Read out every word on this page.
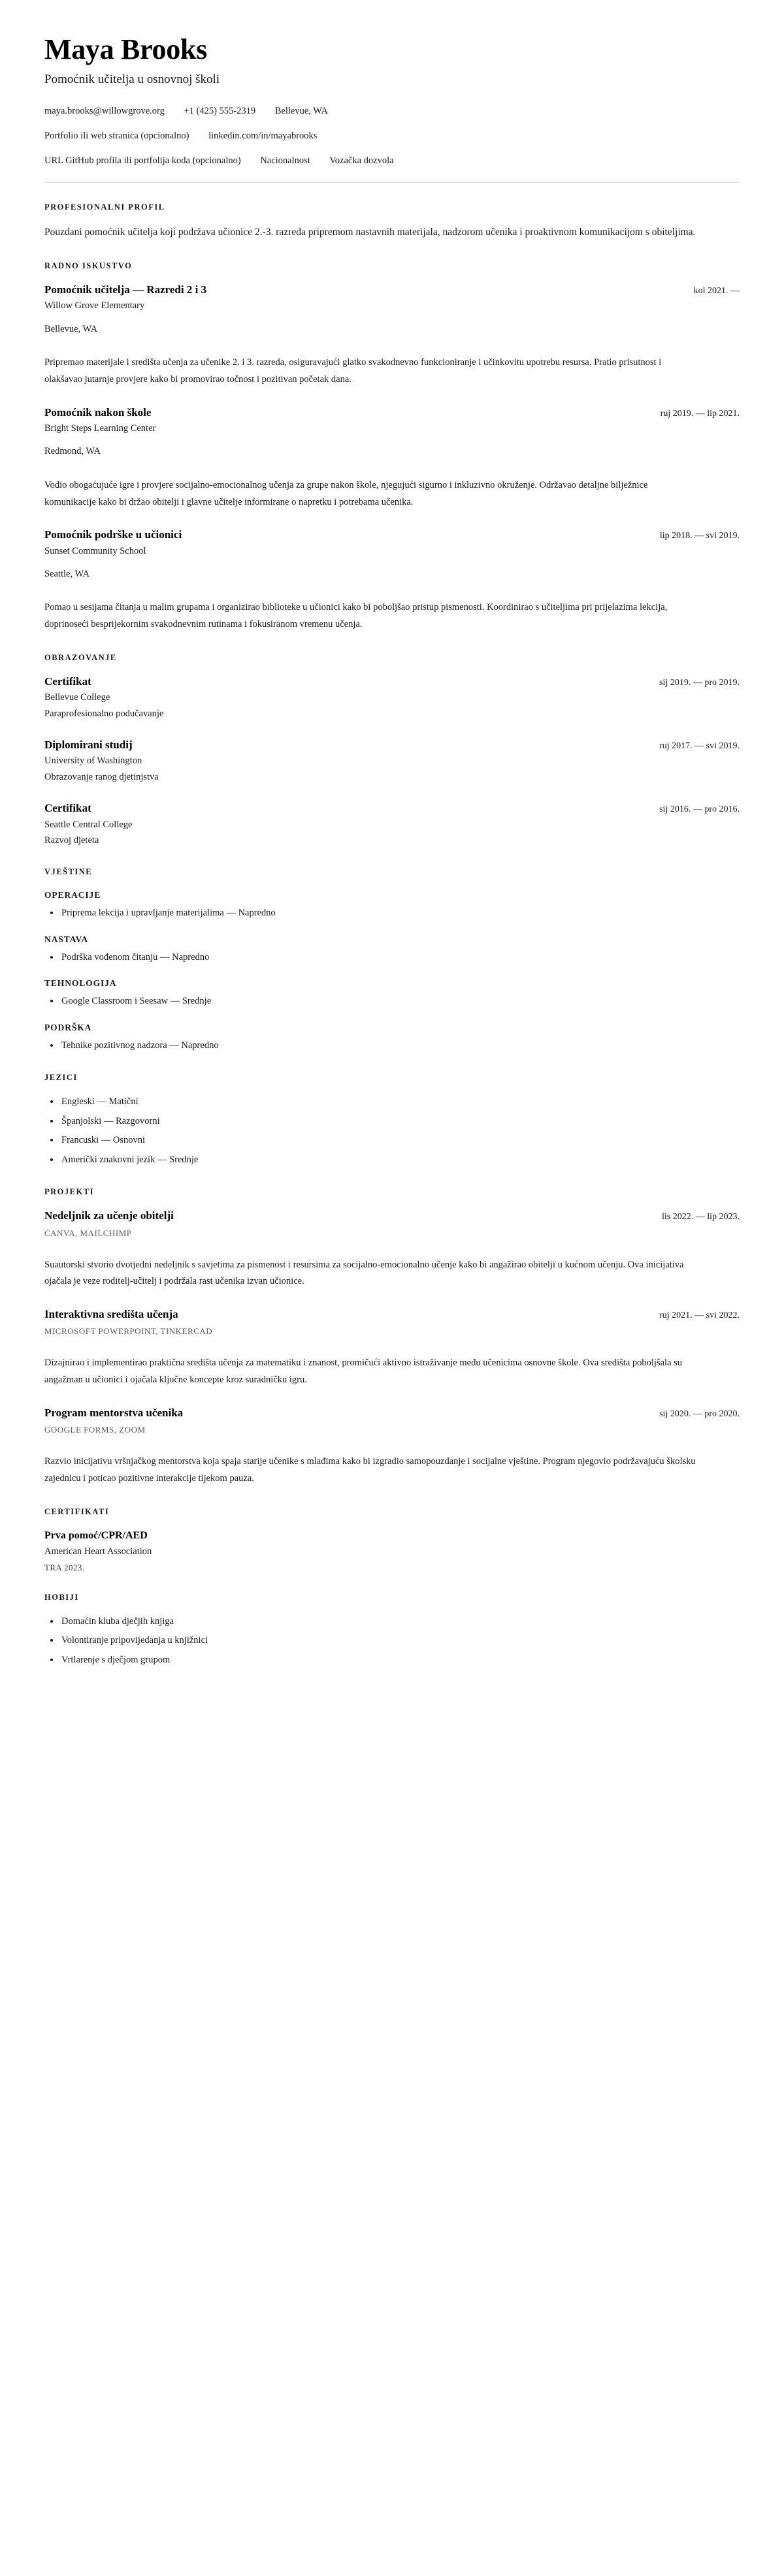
Maya Brooks
Pomoćnik učitelja u osnovnoj školi
maya.brooks@willowgrove.org +1 (425) 555-2319 Bellevue, WA
Portfolio ili web stranica (opcionalno) linkedin.com/in/mayabrooks
URL GitHub profila ili portfolija koda (opcionalno) Nacionalnost Vozačka dozvola
PROFESIONALNI PROFIL

Pouzdani pomoćnik učitelja koji podržava učionice 2.-3. razreda pripremom nastavnih materijala, nadzorom učenika i proaktivnom komunikacijom s obiteljima.

RADNO ISKUSTVO
Pomoćnik učitelja — Razredi 2 i 3	kol 2021. —
Willow Grove Elementary
Bellevue, WA

Pripremao materijale i središta učenja za učenike 2. i 3. razreda, osiguravajući glatko svakodnevno funkcioniranje i učinkovitu upotrebu resursa. Pratio prisutnost i olakšavao jutarnje provjere kako bi promovirao točnost i pozitivan početak dana.

Pomoćnik nakon škole	ruj 2019. — lip 2021.
Bright Steps Learning Center
Redmond, WA

Vodio obogaćujuće igre i provjere socijalno-emocionalnog učenja za grupe nakon škole, njegujući sigurno i inkluzivno okruženje. Održavao detaljne bilježnice komunikacije kako bi držao obitelji i glavne učitelje informirane o napretku i potrebama učenika.

Pomoćnik podrške u učionici	lip 2018. — svi 2019.
Sunset Community School
Seattle, WA

Pomao u sesijama čitanja u malim grupama i organizirao biblioteke u učionici kako bi poboljšao pristup pismenosti. Koordinirao s učiteljima pri prijelazima lekcija, doprinoseći besprijekornim svakodnevnim rutinama i fokusiranom vremenu učenja.

OBRAZOVANJE
Certifikat	sij 2019. — pro 2019.
Bellevue College
Paraprofesionalno podučavanje
Diplomirani studij	ruj 2017. — svi 2019.
University of Washington
Obrazovanje ranog djetinjstva
Certifikat	sij 2016. — pro 2016.
Seattle Central College
Razvoj djeteta
VJEŠTINE
OPERACIJE
Priprema lekcija i upravljanje materijalima — Napredno
NASTAVA
Podrška vođenom čitanju — Napredno
TEHNOLOGIJA
Google Classroom i Seesaw — Srednje
PODRŠKA
Tehnike pozitivnog nadzora — Napredno
JEZICI
Engleski — Matični
Španjolski — Razgovorni
Francuski — Osnovni
Američki znakovni jezik — Srednje
PROJEKTI
Nedeljnik za učenje obitelji	lis 2022. — lip 2023.
CANVA, MAILCHIMP

Suautorski stvorio dvotjedni nedeljnik s savjetima za pismenost i resursima za socijalno-emocionalno učenje kako bi angažirao obitelji u kućnom učenju. Ova inicijativa ojačala je veze roditelj-učitelj i podržala rast učenika izvan učionice.

Interaktivna središta učenja	ruj 2021. — svi 2022.
MICROSOFT POWERPOINT, TINKERCAD

Dizajnirao i implementirao praktična središta učenja za matematiku i znanost, promičući aktivno istraživanje među učenicima osnovne škole. Ova središta poboljšala su angažman u učionici i ojačala ključne koncepte kroz suradničku igru.

Program mentorstva učenika	sij 2020. — pro 2020.
GOOGLE FORMS, ZOOM

Razvio inicijativu vršnjačkog mentorstva koja spaja starije učenike s mlađima kako bi izgradio samopouzdanje i socijalne vještine. Program njegovio podržavajuću školsku zajednicu i poticao pozitivne interakcije tijekom pauza.

CERTIFIKATI
Prva pomoć/CPR/AED
American Heart Association
TRA 2023.
HOBIJI
Domaćin kluba dječjih knjiga
Volontiranje pripovijedanja u knjižnici
Vrtlarenje s dječjom grupom
